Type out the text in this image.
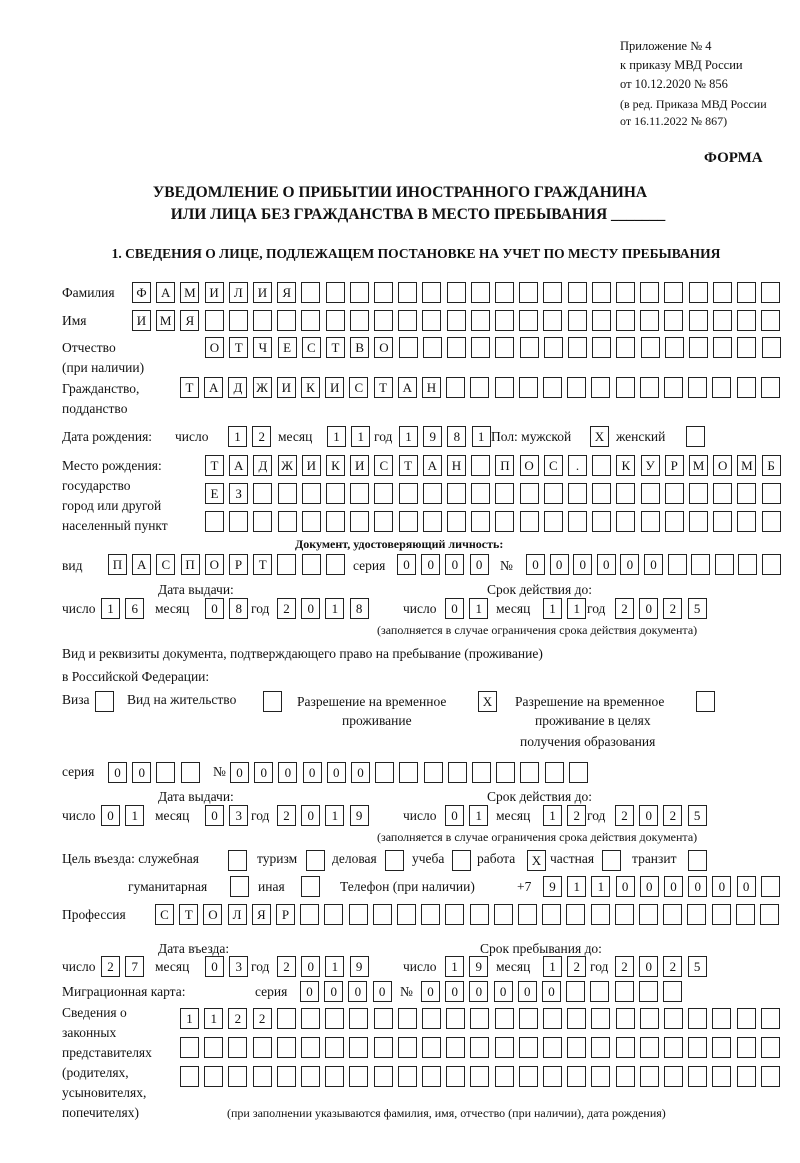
Приложение № 4
к приказу МВД России
от 10.12.2020 № 856
(в ред. Приказа МВД России
от 16.11.2022 № 867)
ФОРМА
УВЕДОМЛЕНИЕ О ПРИБЫТИИ ИНОСТРАННОГО ГРАЖДАНИНА
ИЛИ ЛИЦА БЕЗ ГРАЖДАНСТВА В МЕСТО ПРЕБЫВАНИЯ _______
1. СВЕДЕНИЯ О ЛИЦЕ, ПОДЛЕЖАЩЕМ ПОСТАНОВКЕ НА УЧЕТ ПО МЕСТУ ПРЕБЫВАНИЯ
Фамилия	Ф	А	М	И	Л	И	Я
Имя	И	М	Я
Отчество
(при наличии)
О	Т	Ч	Е	С	Т	В	О
Гражданство,
подданство
Т	А	Д	Ж	И	К	И	С	Т	А	Н
Дата рождения: число	1	2 месяц	1	1 год 1	9	8	1 Пол: мужской	X женский
Место рождения:
государство
город или другой
населенный пункт
Т	А	Д	Ж	И	К	И	С	Т	А	Н	П	О	С	.	К	У	Р	М	О	М	Б
Е	З
Документ, удостоверяющий личность:
вид	П	А	С	П	О	Р	Т	серия	0	0	0	0	№	0	0	0	0	0	0
Дата выдачи:	Срок действия до:
число 1	6	месяц	0	8 год	2	0	1	8	число	0	1	месяц	1	1 год	2	0	2	5
(заполняется в случае ограничения срока действия документа)
Вид и реквизиты документа, подтверждающего право на пребывание (проживание)
в Российской Федерации:
Виза	Вид на жительство	Разрешение на временное
проживание
X	Разрешение на временное
проживание в целях
получения образования
серия	0	0	№ 0	0	0	0	0	0
Дата выдачи:	Срок действия до:
число 0	1	месяц	0	3 год	2	0	1	9	число	0	1	месяц	1	2 год	2	0	2	5
(заполняется в случае ограничения срока действия документа)
Цель въезда: служебная	туризм	деловая	учеба работа	X частная	транзит
гуманитарная	иная	Телефон (при наличии)	+7	9	1	1	0	0	0	0	0	0
Профессия	С	Т	О	Л	Я	Р
Дата въезда:	Срок пребывания до:
число 2	7	месяц	0	3 год	2	0	1	9	число	1	9	месяц	1	2 год 2	0	2	5
Миграционная карта:	серия	0	0	0	0	№	0	0	0	0	0	0
Сведения о
законных
представителях
(родителях,
усыновителях,
попечителях)
1	1	2	2
(при заполнении указываются фамилия, имя, отчество (при наличии), дата рождения)
